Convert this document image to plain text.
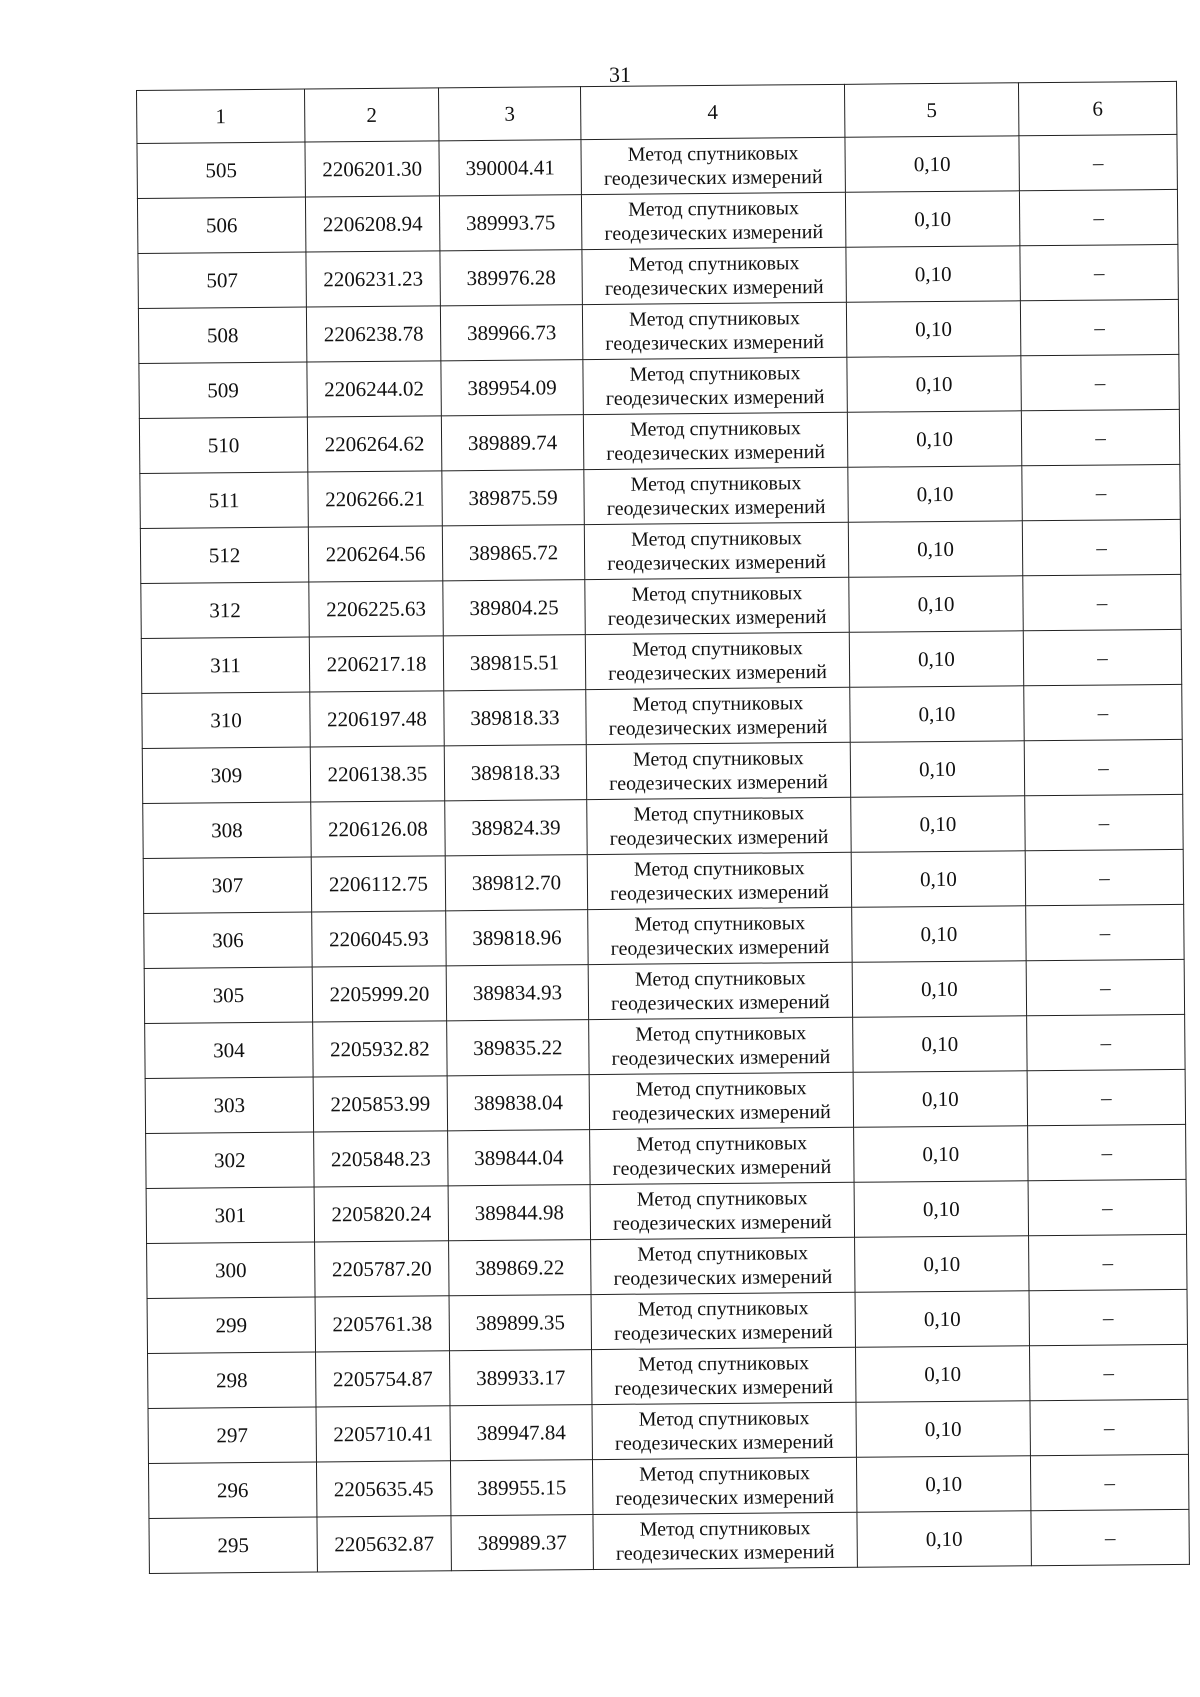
31
1	2	3	4	5	6
505	2206201.30	390004.41	Метод спутниковых геодезических измерений	0,10	–
506	2206208.94	389993.75	Метод спутниковых геодезических измерений	0,10	–
507	2206231.23	389976.28	Метод спутниковых геодезических измерений	0,10	–
508	2206238.78	389966.73	Метод спутниковых геодезических измерений	0,10	–
509	2206244.02	389954.09	Метод спутниковых геодезических измерений	0,10	–
510	2206264.62	389889.74	Метод спутниковых геодезических измерений	0,10	–
511	2206266.21	389875.59	Метод спутниковых геодезических измерений	0,10	–
512	2206264.56	389865.72	Метод спутниковых геодезических измерений	0,10	–
312	2206225.63	389804.25	Метод спутниковых геодезических измерений	0,10	–
311	2206217.18	389815.51	Метод спутниковых геодезических измерений	0,10	–
310	2206197.48	389818.33	Метод спутниковых геодезических измерений	0,10	–
309	2206138.35	389818.33	Метод спутниковых геодезических измерений	0,10	–
308	2206126.08	389824.39	Метод спутниковых геодезических измерений	0,10	–
307	2206112.75	389812.70	Метод спутниковых геодезических измерений	0,10	–
306	2206045.93	389818.96	Метод спутниковых геодезических измерений	0,10	–
305	2205999.20	389834.93	Метод спутниковых геодезических измерений	0,10	–
304	2205932.82	389835.22	Метод спутниковых геодезических измерений	0,10	–
303	2205853.99	389838.04	Метод спутниковых геодезических измерений	0,10	–
302	2205848.23	389844.04	Метод спутниковых геодезических измерений	0,10	–
301	2205820.24	389844.98	Метод спутниковых геодезических измерений	0,10	–
300	2205787.20	389869.22	Метод спутниковых геодезических измерений	0,10	–
299	2205761.38	389899.35	Метод спутниковых геодезических измерений	0,10	–
298	2205754.87	389933.17	Метод спутниковых геодезических измерений	0,10	–
297	2205710.41	389947.84	Метод спутниковых геодезических измерений	0,10	–
296	2205635.45	389955.15	Метод спутниковых геодезических измерений	0,10	–
295	2205632.87	389989.37	Метод спутниковых геодезических измерений	0,10	–
